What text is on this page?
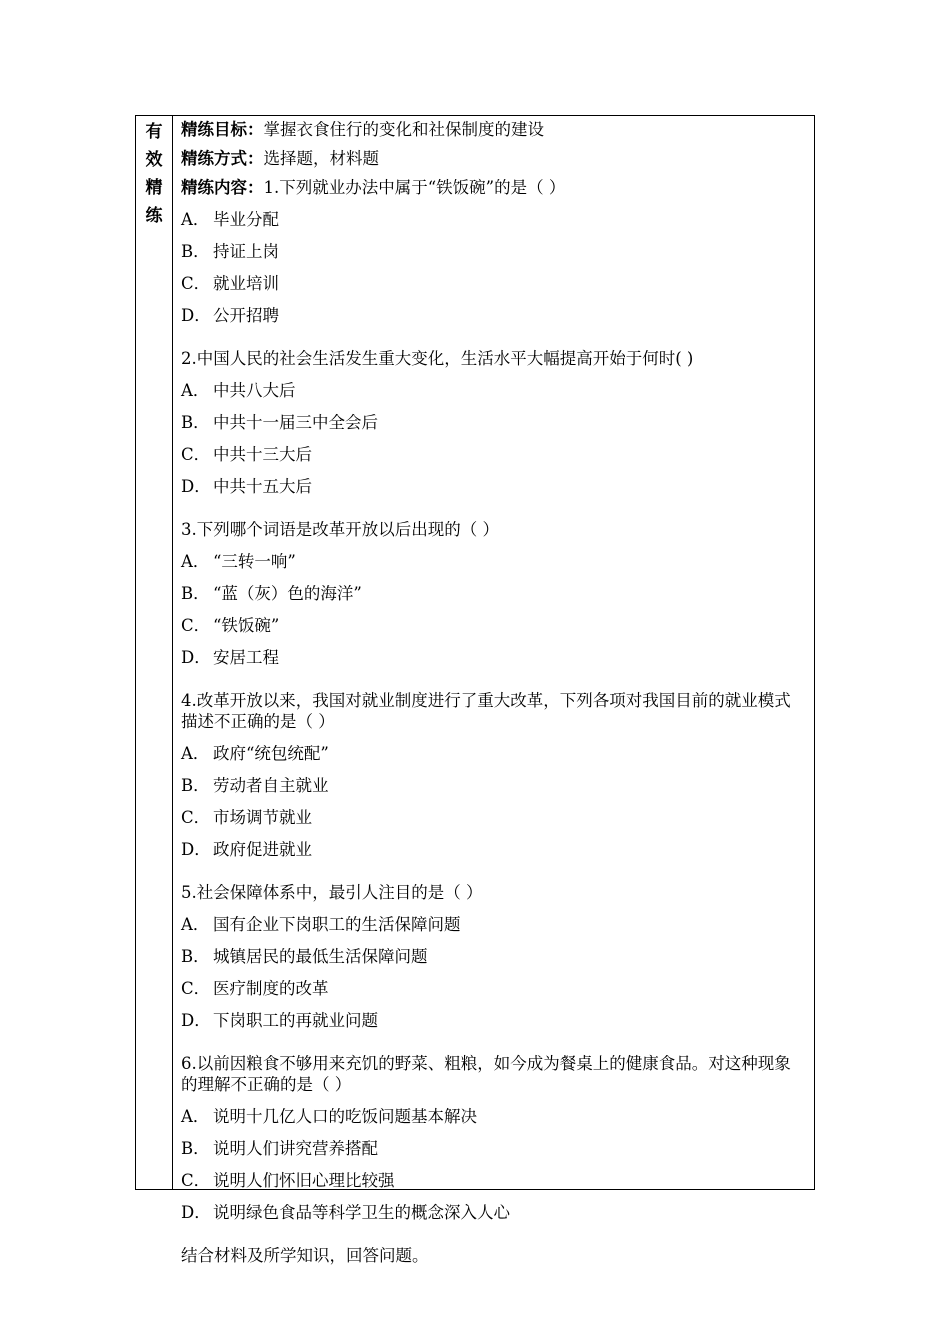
有
效
精
练
精练目标：掌握衣食住行的变化和社保制度的建设
精练方式：选择题，材料题
精练内容：1.下列就业办法中属于“铁饭碗”的是（ ）
A． 毕业分配
B． 持证上岗
C． 就业培训
D． 公开招聘
2.中国人民的社会生活发生重大变化，生活水平大幅提高开始于何时( )
A． 中共八大后
B． 中共十一届三中全会后
C． 中共十三大后
D． 中共十五大后
3.下列哪个词语是改革开放以后出现的（ ）
A． “三转一响”
B． “蓝（灰）色的海洋”
C． “铁饭碗”
D． 安居工程
4.改革开放以来，我国对就业制度进行了重大改革，下列各项对我国目前的就业模式描述不正确的是（ ）
A． 政府“统包统配”
B． 劳动者自主就业
C． 市场调节就业
D． 政府促进就业
5.社会保障体系中，最引人注目的是（ ）
A． 国有企业下岗职工的生活保障问题
B． 城镇居民的最低生活保障问题
C． 医疗制度的改革
D． 下岗职工的再就业问题
6.以前因粮食不够用来充饥的野菜、粗粮，如今成为餐桌上的健康食品。对这种现象的理解不正确的是（ ）
A． 说明十几亿人口的吃饭问题基本解决
B． 说明人们讲究营养搭配
C． 说明人们怀旧心理比较强
D． 说明绿色食品等科学卫生的概念深入人心
结合材料及所学知识，回答问题。
